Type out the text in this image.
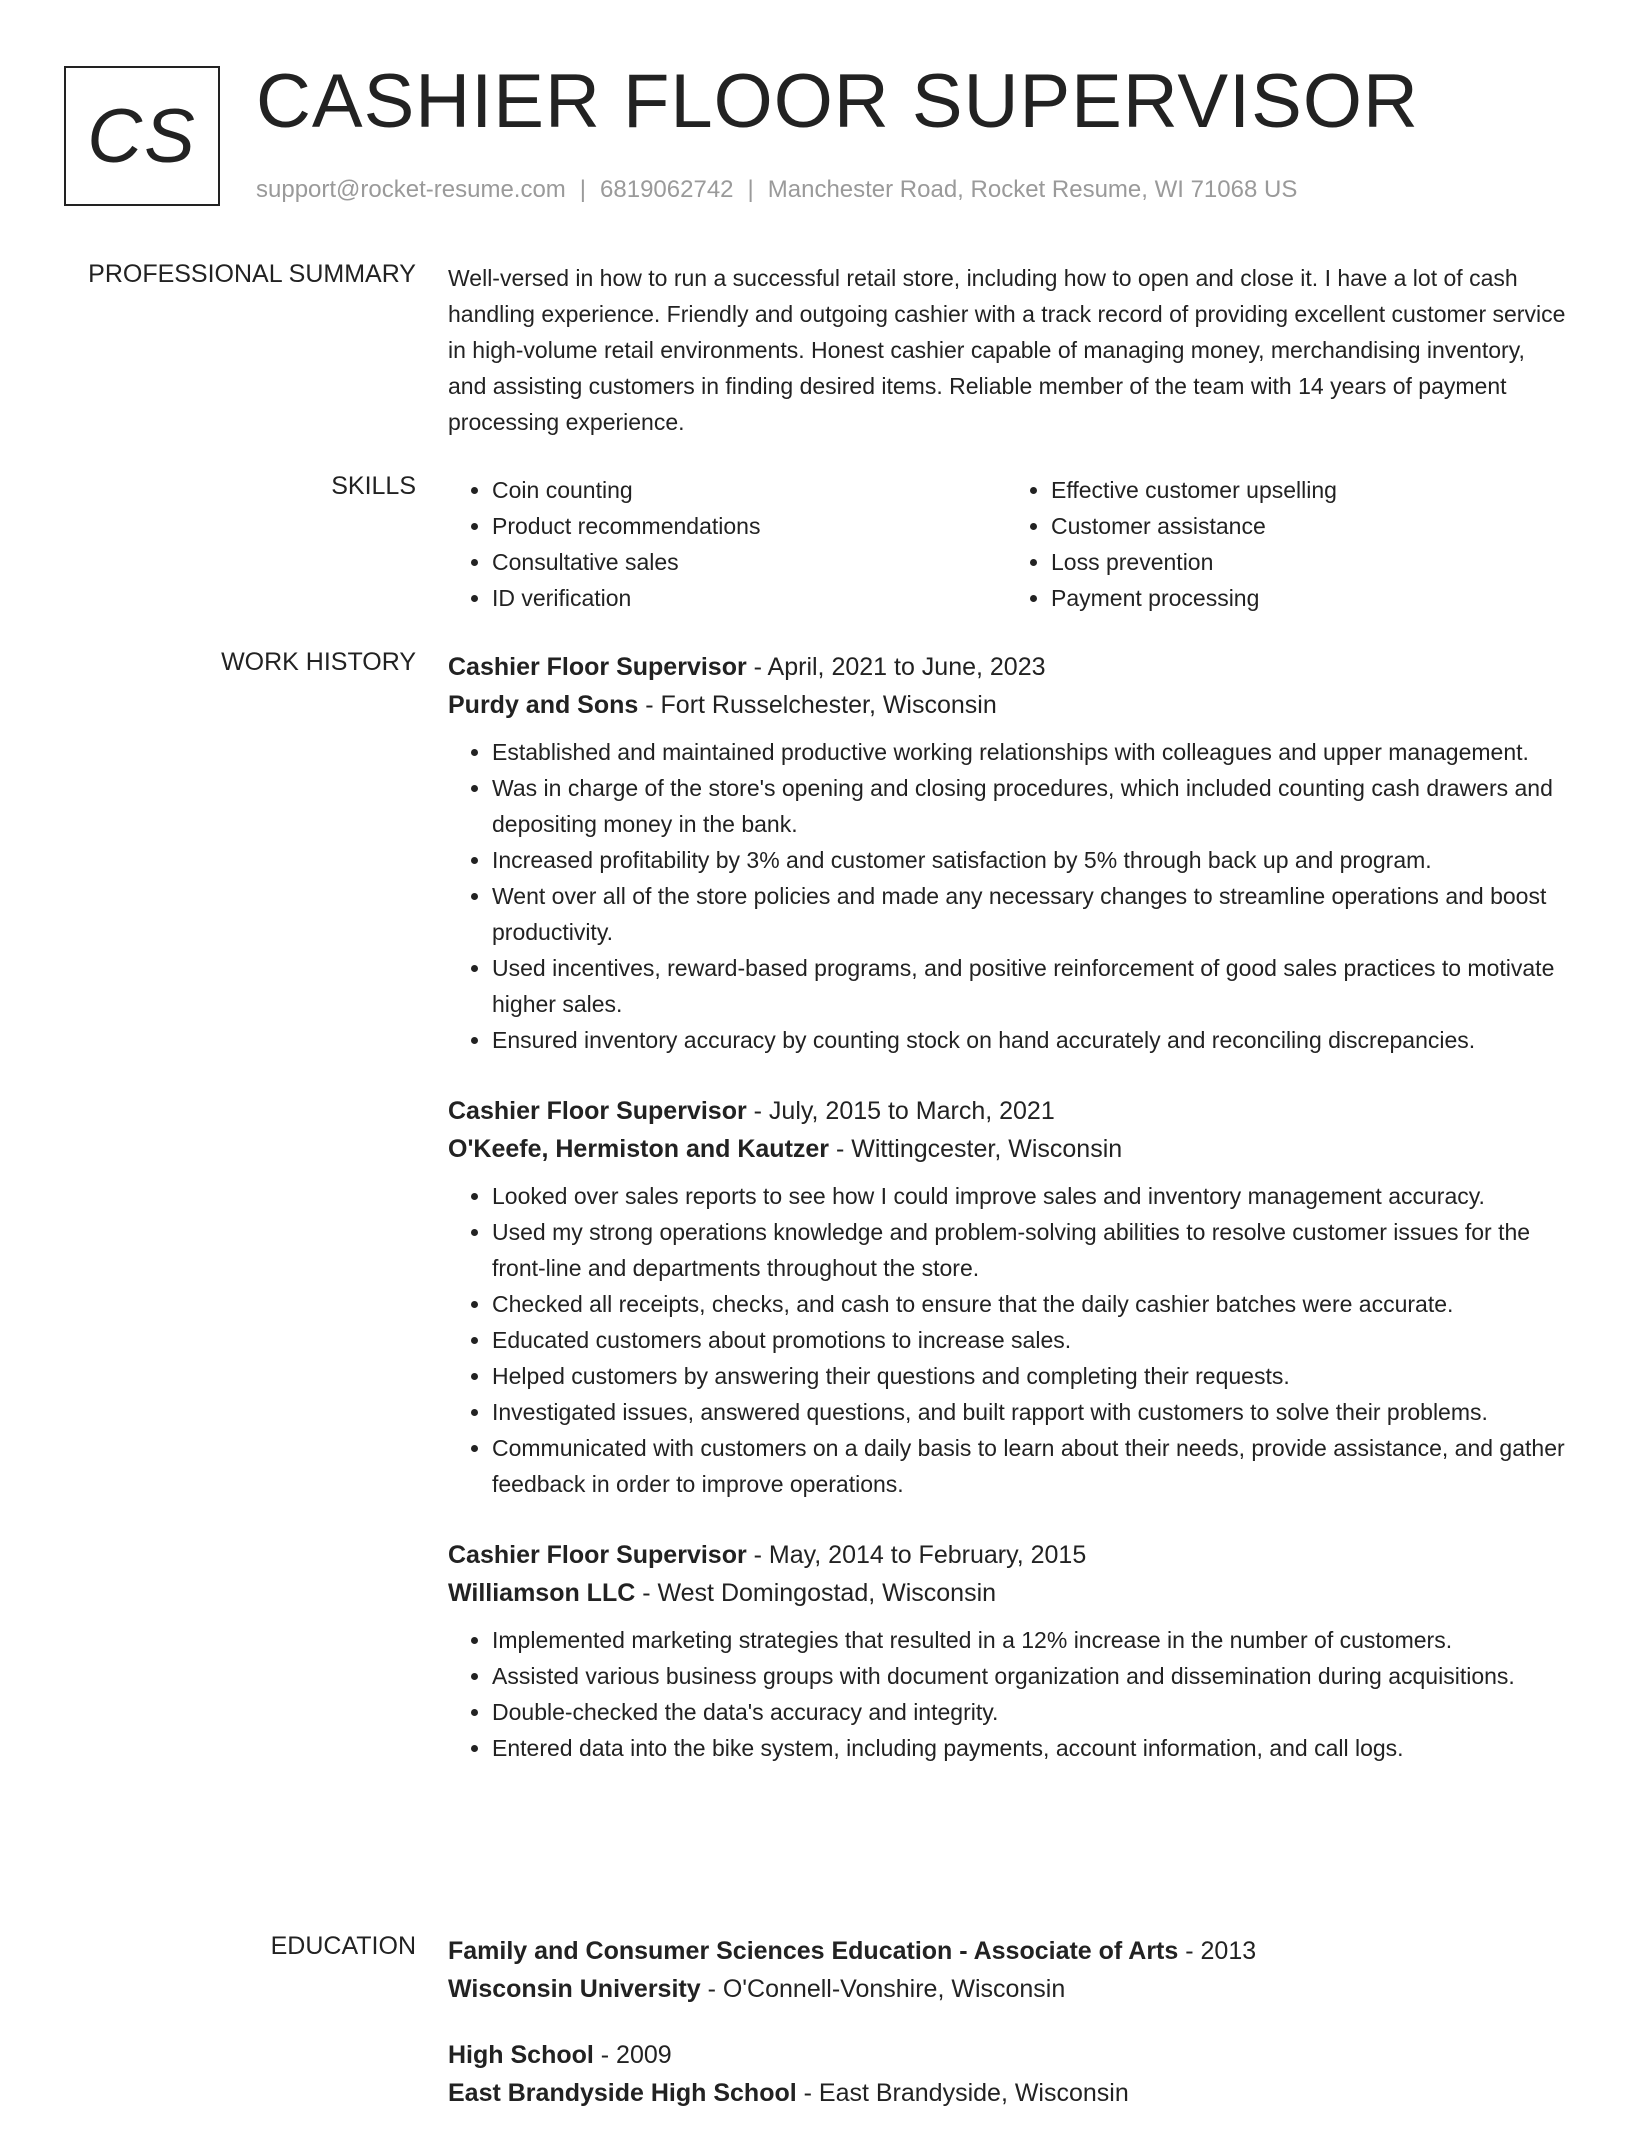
CS CASHIER FLOOR SUPERVISOR
support@rocket-resume.com | 6819062742 | Manchester Road, Rocket Resume, WI 71068 US
PROFESSIONAL SUMMARY Well-versed in how to run a successful retail store, including how to open and close it. I have a lot of cash handling experience. Friendly and outgoing cashier with a track record of providing excellent customer service in high-volume retail environments. Honest cashier capable of managing money, merchandising inventory, and assisting customers in finding desired items. Reliable member of the team with 14 years of payment processing experience.

SKILLS
•	Coin counting
• Product recommendations
• Consultative sales
• ID verification
• Effective customer upselling
• Customer assistance
• Loss prevention
• Payment processing
WORK HISTORY Cashier Floor Supervisor - April, 2021 to June, 2023
Purdy and Sons - Fort Russelchester, Wisconsin
• Established and maintained productive working relationships with colleagues and upper management.
• Was in charge of the store's opening and closing procedures, which included counting cash drawers and depositing money in the bank.
• Increased profitability by 3% and customer satisfaction by 5% through back up and program.
• Went over all of the store policies and made any necessary changes to streamline operations and boost productivity.
• Used incentives, reward-based programs, and positive reinforcement of good sales practices to motivate higher sales.
• Ensured inventory accuracy by counting stock on hand accurately and reconciling discrepancies.
Cashier Floor Supervisor - July, 2015 to March, 2021
O'Keefe, Hermiston and Kautzer - Wittingcester, Wisconsin
• Looked over sales reports to see how I could improve sales and inventory management accuracy.
• Used my strong operations knowledge and problem-solving abilities to resolve customer issues for the front-line and departments throughout the store.
• Checked all receipts, checks, and cash to ensure that the daily cashier batches were accurate.
• Educated customers about promotions to increase sales.
• Helped customers by answering their questions and completing their requests.
• Investigated issues, answered questions, and built rapport with customers to solve their problems.
• Communicated with customers on a daily basis to learn about their needs, provide assistance, and gather feedback in order to improve operations.
Cashier Floor Supervisor - May, 2014 to February, 2015
Williamson LLC - West Domingostad, Wisconsin
• Implemented marketing strategies that resulted in a 12% increase in the number of customers.
• Assisted various business groups with document organization and dissemination during acquisitions.
• Double-checked the data's accuracy and integrity.
• Entered data into the bike system, including payments, account information, and call logs.
EDUCATION Family and Consumer Sciences Education - Associate of Arts - 2013
Wisconsin University - O'Connell-Vonshire, Wisconsin
High School - 2009
East Brandyside High School - East Brandyside, Wisconsin
